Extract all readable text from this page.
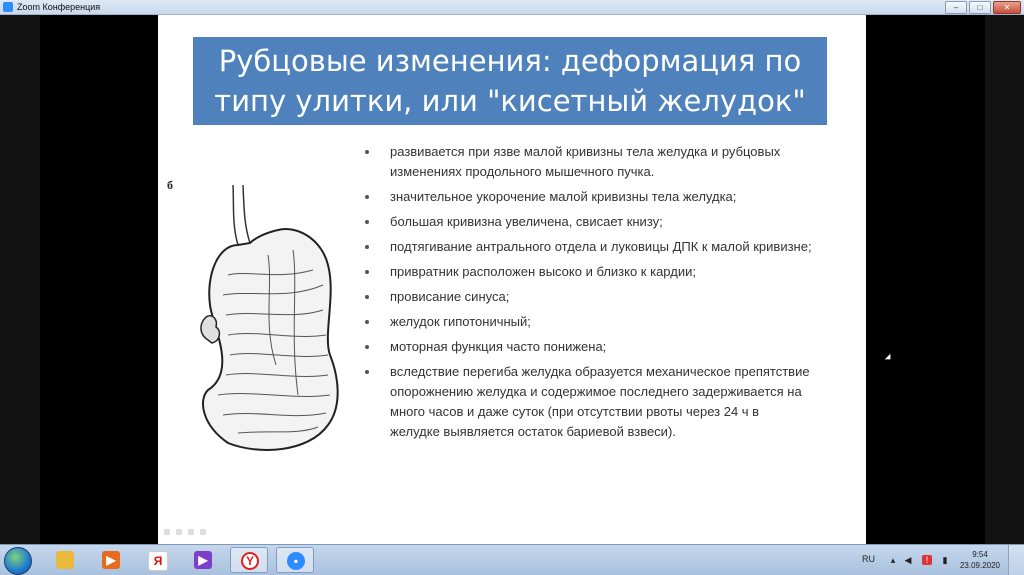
Zoom Конференция	–	□	✕
Рубцовые изменения: деформация по типу улитки, или "кисетный желудок"
б
развивается при язве малой кривизны тела желудка и рубцовых изменениях продольного мышечного пучка.
значительное укорочение малой кривизны тела желудка;
большая кривизна увеличена, свисает книзу;
подтягивание антрального отдела и луковицы ДПК к малой кривизне;
привратник расположен высоко и близко к кардии;
провисание синуса;
желудок гипотоничный;
моторная функция часто понижена;
вследствие перегиба желудка образуется механическое препятствие опорожнению желудка и содержимое последнего задерживается на много часов и даже суток (при отсутствии рвоты через 24 ч в желудке выявляется остаток бариевой взвеси).
▶	Я	▶	Y	▪	RU	▴	◀	!	▮
9:54
23.09.2020
